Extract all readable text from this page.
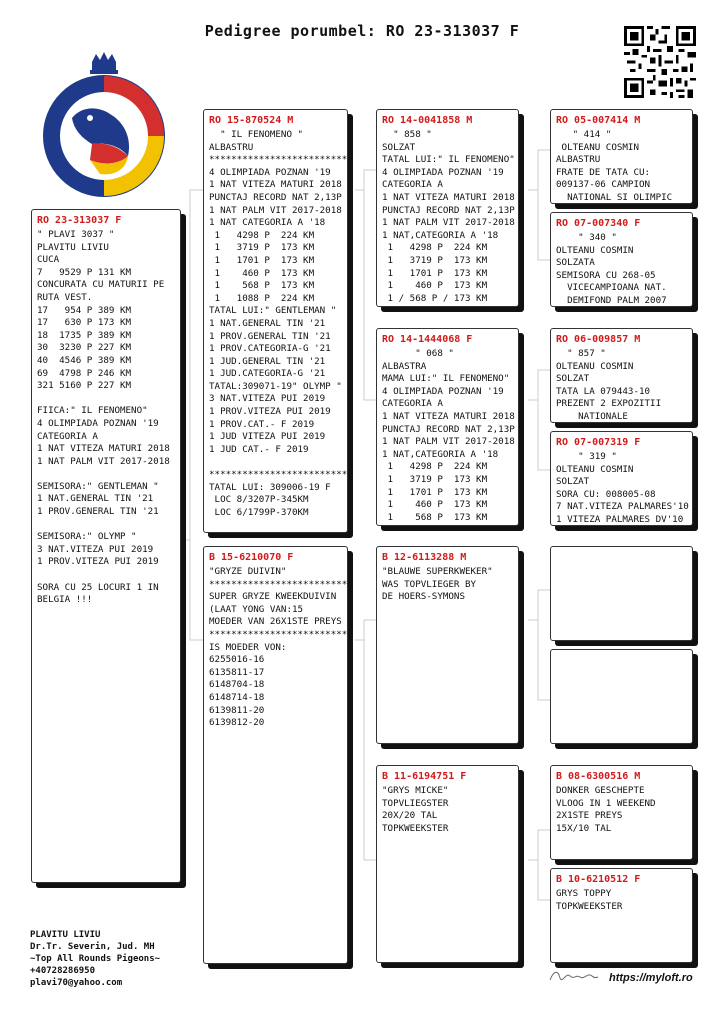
Pedigree porumbel: RO 23-313037 F
RO 23-313037 F
" PLAVI 3037 "
PLAVITU LIVIU
CUCA
7   9529 P 131 KM
CONCURATA CU MATURII PE
RUTA VEST.
17   954 P 389 KM
17   630 P 173 KM
18  1735 P 389 KM
30  3230 P 227 KM
40  4546 P 389 KM
69  4798 P 246 KM
321 5160 P 227 KM

FIICA:" IL FENOMENO"
4 OLIMPIADA POZNAN '19
CATEGORIA A
1 NAT VITEZA MATURI 2018
1 NAT PALM VIT 2017-2018

SEMISORA:" GENTLEMAN "
1 NAT.GENERAL TIN '21
1 PROV.GENERAL TIN '21

SEMISORA:" OLYMP "
3 NAT.VITEZA PUI 2019
1 PROV.VITEZA PUI 2019

SORA CU 25 LOCURI 1 IN
BELGIA !!!
RO 15-870524 M
" IL FENOMENO "
ALBASTRU
*************************
4 OLIMPIADA POZNAN '19
1 NAT VITEZA MATURI 2018
PUNCTAJ RECORD NAT 2,13P
1 NAT PALM VIT 2017-2018
1 NAT CATEGORIA A '18
1   4298 P  224 KM
1   3719 P  173 KM
1   1701 P  173 KM
1    460 P  173 KM
1    568 P  173 KM
1   1088 P  224 KM
TATAL LUI:" GENTLEMAN "
1 NAT.GENERAL TIN '21
1 PROV.GENERAL TIN '21
1 PROV.CATEGORIA-G '21
1 JUD.GENERAL TIN '21
1 JUD.CATEGORIA-G '21
TATAL:309071-19" OLYMP "
3 NAT.VITEZA PUI 2019
1 PROV.VITEZA PUI 2019
1 PROV.CAT.- F 2019
1 JUD VITEZA PUI 2019
1 JUD CAT.- F 2019

*************************
TATAL LUI: 309006-19 F
LOC 8/3207P-345KM
LOC 6/1799P-370KM
B 15-6210070 F
"GRYZE DUIVIN"
*************************
SUPER GRYZE KWEEKDUIVIN
(LAAT YONG VAN:15
MOEDER VAN 26X1STE PREYS
*************************
IS MOEDER VON:
6255016-16
6135811-17
6148704-18
6148714-18
6139811-20
6139812-20
RO 14-0041858 M
" 858 "
SOLZAT
TATAL LUI:" IL FENOMENO"
4 OLIMPIADA POZNAN '19
CATEGORIA A
1 NAT VITEZA MATURI 2018
PUNCTAJ RECORD NAT 2,13P
1 NAT PALM VIT 2017-2018
1 NAT,CATEGORIA A '18
1   4298 P  224 KM
1   3719 P  173 KM
1   1701 P  173 KM
1    460 P  173 KM
1 / 568 P / 173 KM
RO 14-1444068 F
" 068 "
ALBASTRA
MAMA LUI:" IL FENOMENO"
4 OLIMPIADA POZNAN '19
CATEGORIA A
1 NAT VITEZA MATURI 2018
PUNCTAJ RECORD NAT 2,13P
1 NAT PALM VIT 2017-2018
1 NAT,CATEGORIA A '18
1   4298 P  224 KM
1   3719 P  173 KM
1   1701 P  173 KM
1    460 P  173 KM
1    568 P  173 KM
B 12-6113288 M
"BLAUWE SUPERKWEKER"
WAS TOPVLIEGER BY
DE HOERS-SYMONS
B 11-6194751 F
"GRYS MICKE"
TOPVLIEGSTER
20X/20 TAL
TOPKWEEKSTER
RO 05-007414 M
" 414 "
OLTEANU COSMIN
ALBASTRU
FRATE DE TATA CU:
009137-06 CAMPION
NATIONAL SI OLIMPIC
RO 07-007340 F
" 340 "
OLTEANU COSMIN
SOLZATA
SEMISORA CU 268-05
VICECAMPIOANA NAT.
DEMIFOND PALM 2007
RO 06-009857 M
" 857 "
OLTEANU COSMIN
SOLZAT
TATA LA 079443-10
PREZENT 2 EXPOZITII
NATIONALE
RO 07-007319 F
" 319 "
OLTEANU COSMIN
SOLZAT
SORA CU: 008005-08
7 NAT.VITEZA PALMARES'10
1 VITEZA PALMARES DV'10
B 08-6300516 M
DONKER GESCHEPTE
VLOOG IN 1 WEEKEND
2X1STE PREYS
15X/10 TAL
B 10-6210512 F
GRYS TOPPY
TOPKWEEKSTER
PLAVITU LIVIU
Dr.Tr. Severin, Jud. MH
~Top All Rounds Pigeons~
+40728286950
plavi70@yahoo.com	https://myloft.ro
